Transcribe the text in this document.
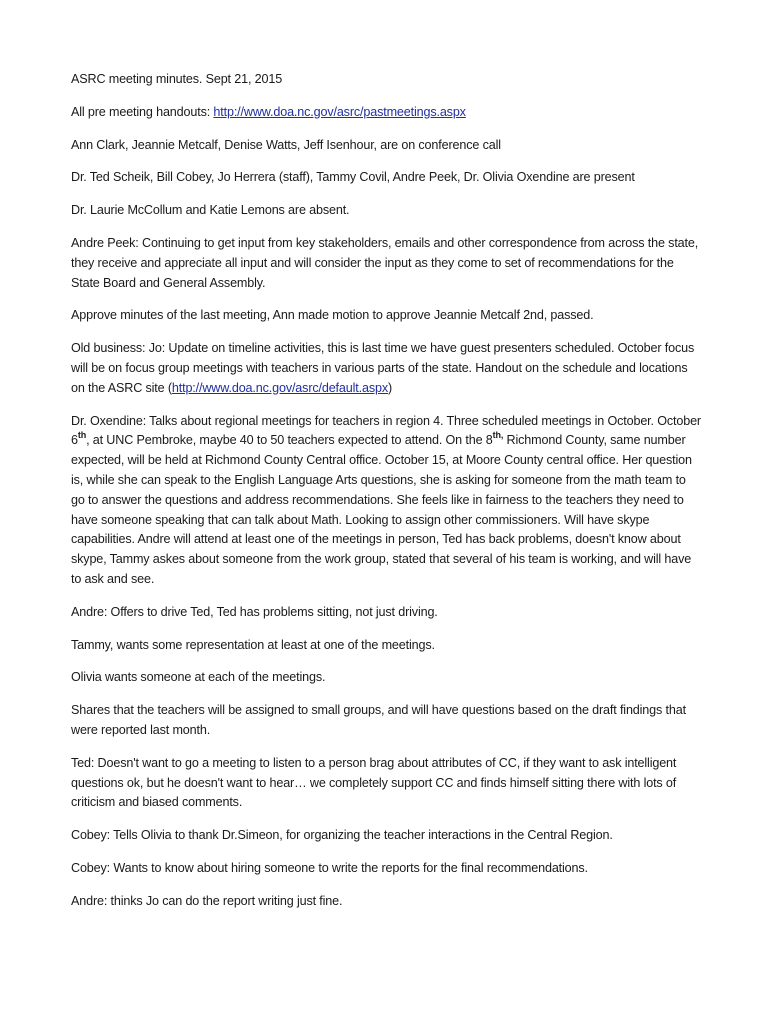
ASRC meeting minutes. Sept 21, 2015

All pre meeting handouts: http://www.doa.nc.gov/asrc/pastmeetings.aspx

Ann Clark, Jeannie Metcalf, Denise Watts, Jeff Isenhour, are on conference call

Dr. Ted Scheik, Bill Cobey, Jo Herrera (staff), Tammy Covil, Andre Peek, Dr. Olivia Oxendine are present

Dr. Laurie McCollum and Katie Lemons are absent.

Andre Peek: Continuing to get input from key stakeholders, emails and other correspondence from across the state, they receive and appreciate all input and will consider the input as they come to set of recommendations for the State Board and General Assembly.

Approve minutes of the last meeting, Ann made motion to approve Jeannie Metcalf 2nd, passed.

Old business: Jo: Update on timeline activities, this is last time we have guest presenters scheduled. October focus will be on focus group meetings with teachers in various parts of the state. Handout on the schedule and locations on the ASRC site (http://www.doa.nc.gov/asrc/default.aspx)

Dr. Oxendine: Talks about regional meetings for teachers in region 4. Three scheduled meetings in October. October 6th, at UNC Pembroke, maybe 40 to 50 teachers expected to attend. On the $8^{th,}$ Richmond County, same number expected, will be held at Richmond County Central office. October 15, at Moore County central office. Her question is, while she can speak to the English Language Arts questions, she is asking for someone from the math team to go to answer the questions and address recommendations. She feels like in fairness to the teachers they need to have someone speaking that can talk about Math. Looking to assign other commissioners. Will have skype capabilities. Andre will attend at least one of the meetings in person, Ted has back problems, doesn't know about skype, Tammy askes about someone from the work group, stated that several of his team is working, and will have to ask and see.

Andre: Offers to drive Ted, Ted has problems sitting, not just driving.

Tammy, wants some representation at least at one of the meetings.

Olivia wants someone at each of the meetings.

Shares that the teachers will be assigned to small groups, and will have questions based on the draft findings that were reported last month.

Ted: Doesn't want to go a meeting to listen to a person brag about attributes of CC, if they want to ask intelligent questions ok, but he doesn't want to hear… we completely support CC and finds himself sitting there with lots of criticism and biased comments.

Cobey: Tells Olivia to thank Dr.Simeon, for organizing the teacher interactions in the Central Region.

Cobey: Wants to know about hiring someone to write the reports for the final recommendations.

Andre: thinks Jo can do the report writing just fine.
